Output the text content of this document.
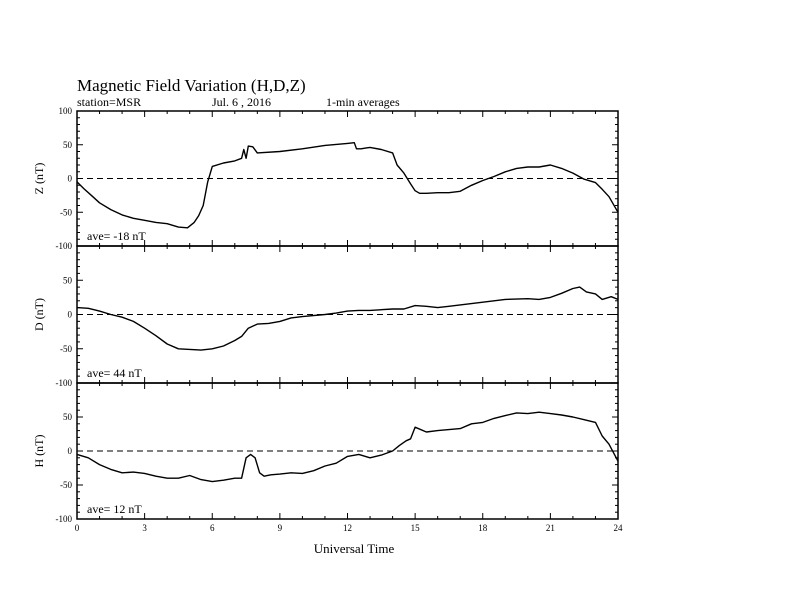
Magnetic Field Variation (H,D,Z)
station=MSR	Jul. 6 , 2016	1-min averages
100
50
0
-50
-100
Z (nT)
ave= -18 nT
50
0
-50
-100
D (nT)
ave= 44 nT
50
0
-50
-100
0	3	6	9	12	15	18	21	24
H (nT)
ave= 12 nT
Universal Time
